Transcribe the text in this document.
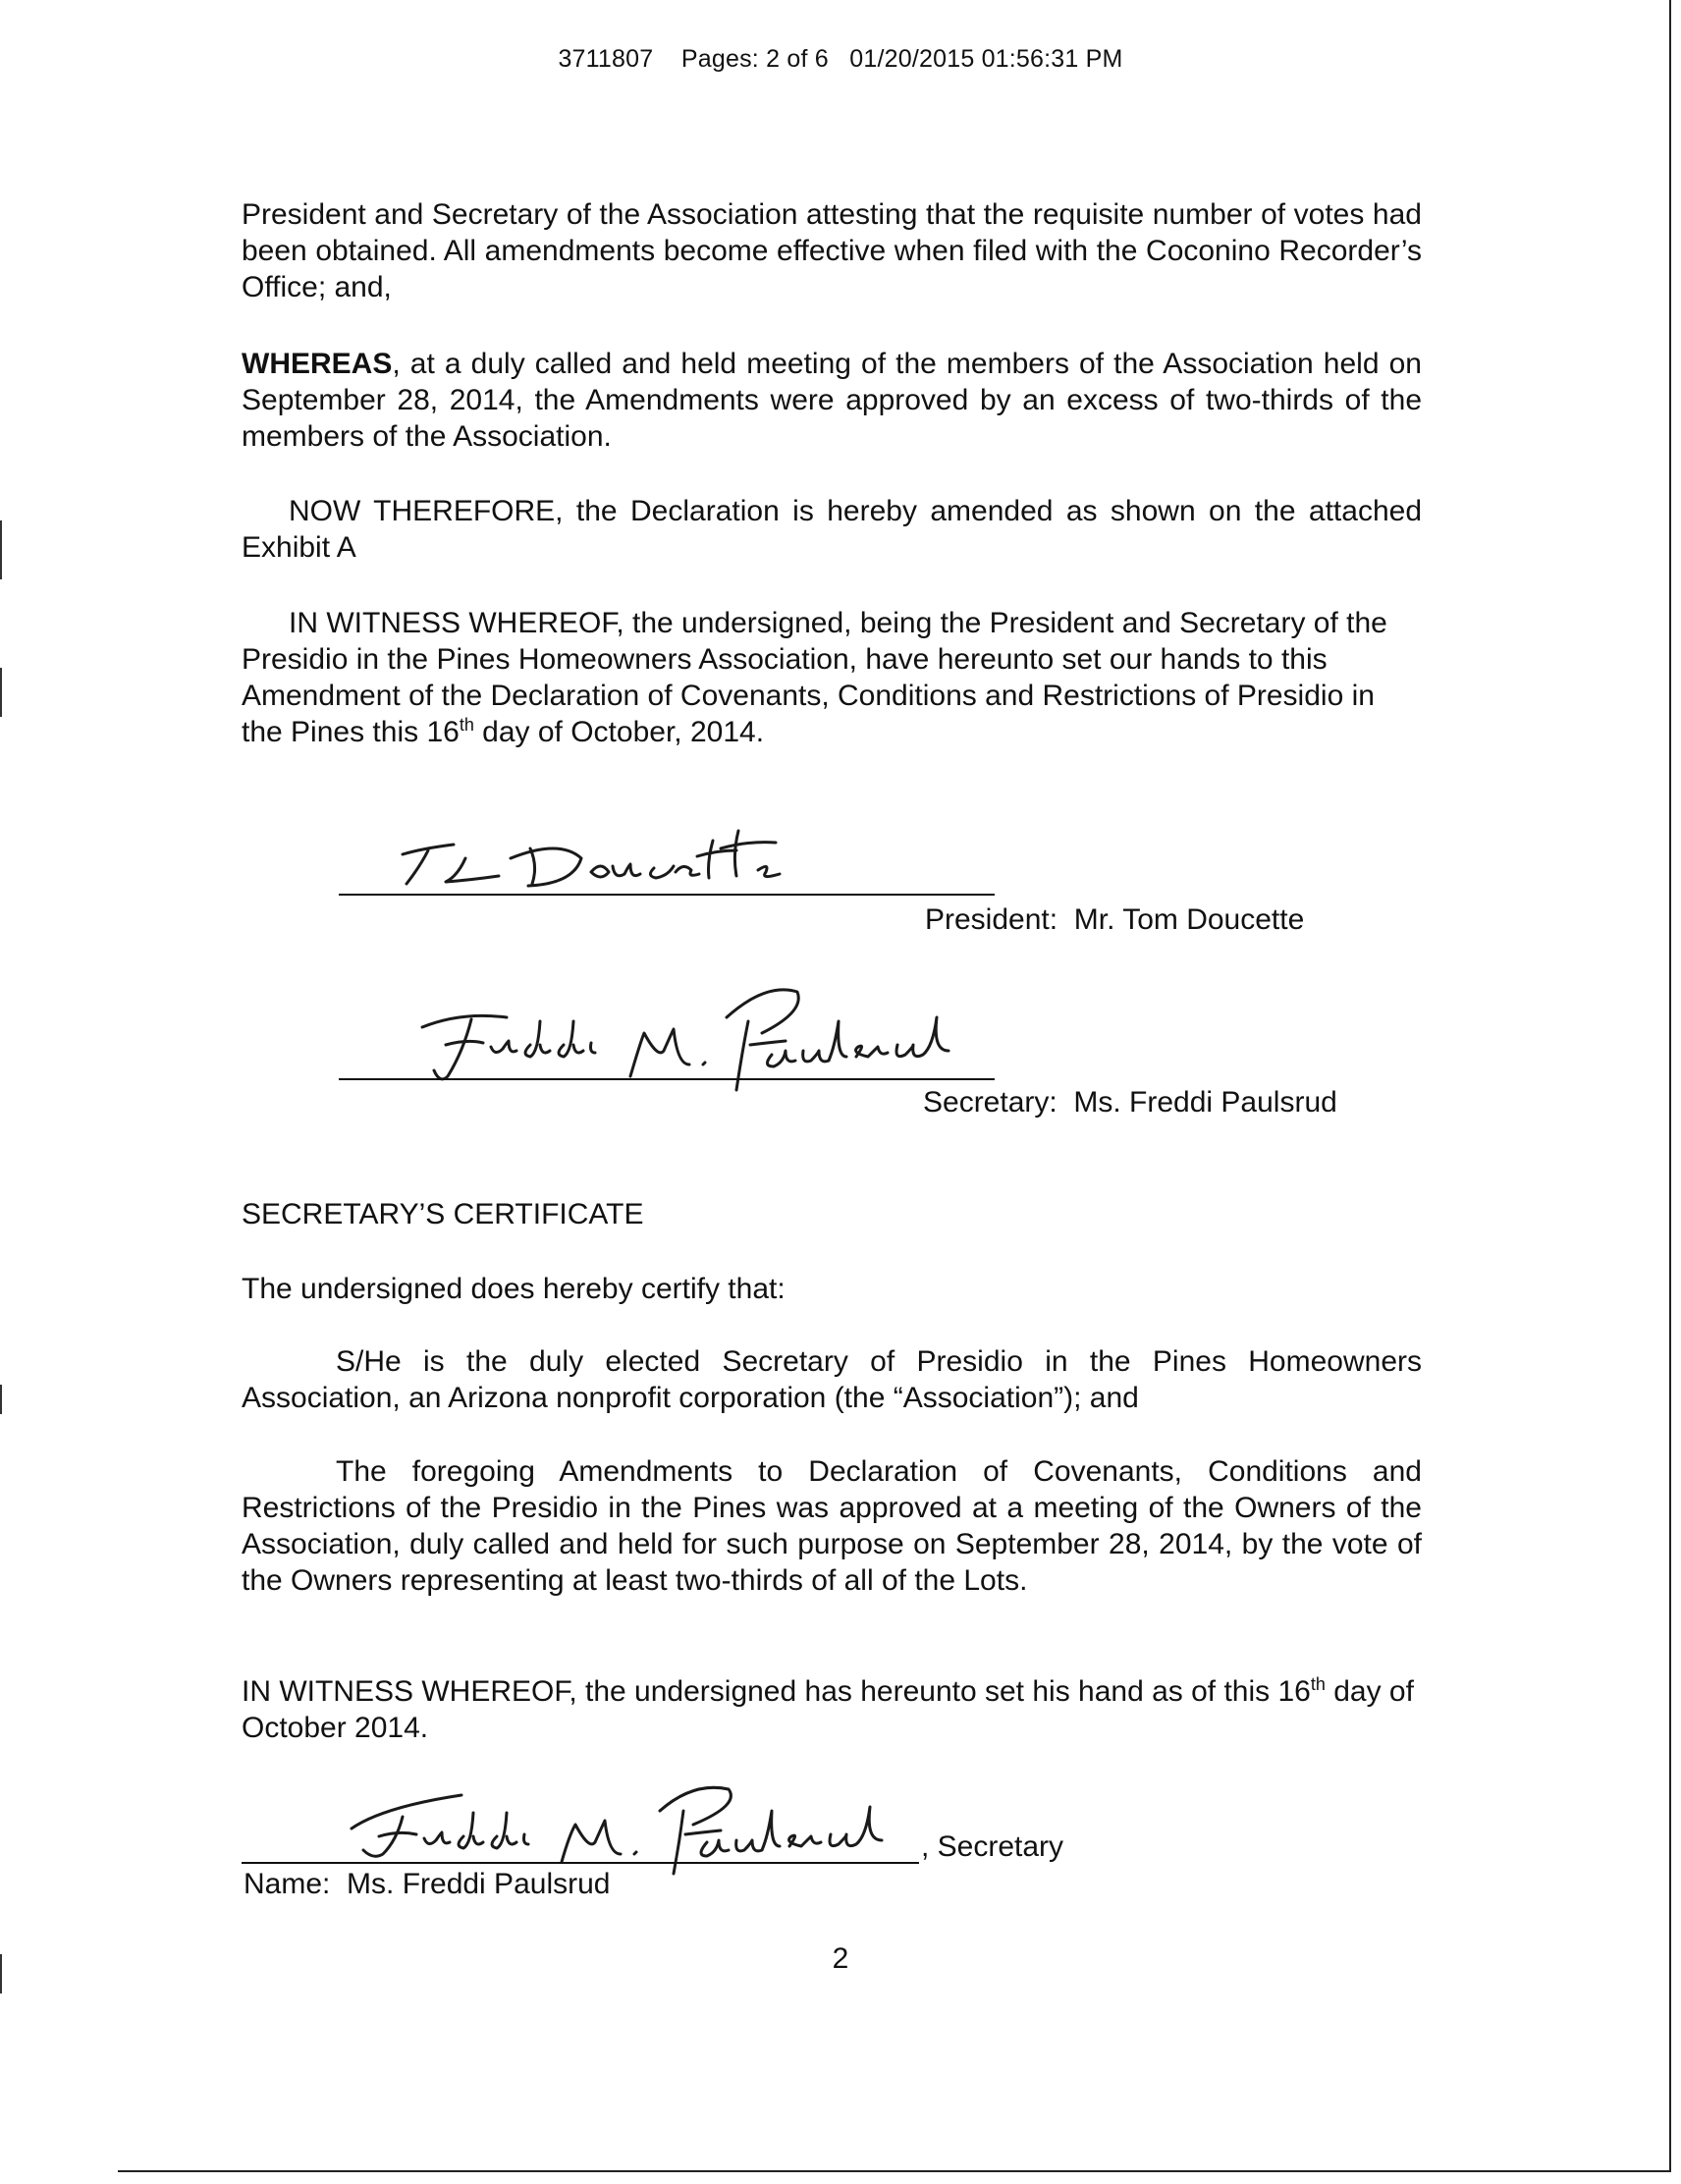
3711807 Pages: 2 of 6 01/20/2015 01:56:31 PM

President and Secretary of the Association attesting that the requisite number of votes had been obtained. All amendments become effective when filed with the Coconino Recorder’s Office; and,

WHEREAS, at a duly called and held meeting of the members of the Association held on September 28, 2014, the Amendments were approved by an excess of two-thirds of the members of the Association.

NOW THEREFORE, the Declaration is hereby amended as shown on the attached Exhibit A

IN WITNESS WHEREOF, the undersigned, being the President and Secretary of the Presidio in the Pines Homeowners Association, have hereunto set our hands to this Amendment of the Declaration of Covenants, Conditions and Restrictions of Presidio in the Pines this 16th day of October, 2014.

President:  Mr. Tom Doucette
Secretary:  Ms. Freddi Paulsrud

SECRETARY’S CERTIFICATE

The undersigned does hereby certify that:

S/He is the duly elected Secretary of Presidio in the Pines Homeowners Association, an Arizona nonprofit corporation (the “Association”); and

The foregoing Amendments to Declaration of Covenants, Conditions and Restrictions of the Presidio in the Pines was approved at a meeting of the Owners of the Association, duly called and held for such purpose on September 28, 2014, by the vote of the Owners representing at least two-thirds of all of the Lots.

IN WITNESS WHEREOF, the undersigned has hereunto set his hand as of this 16th day of October 2014.

, Secretary
Name:  Ms. Freddi Paulsrud
2
